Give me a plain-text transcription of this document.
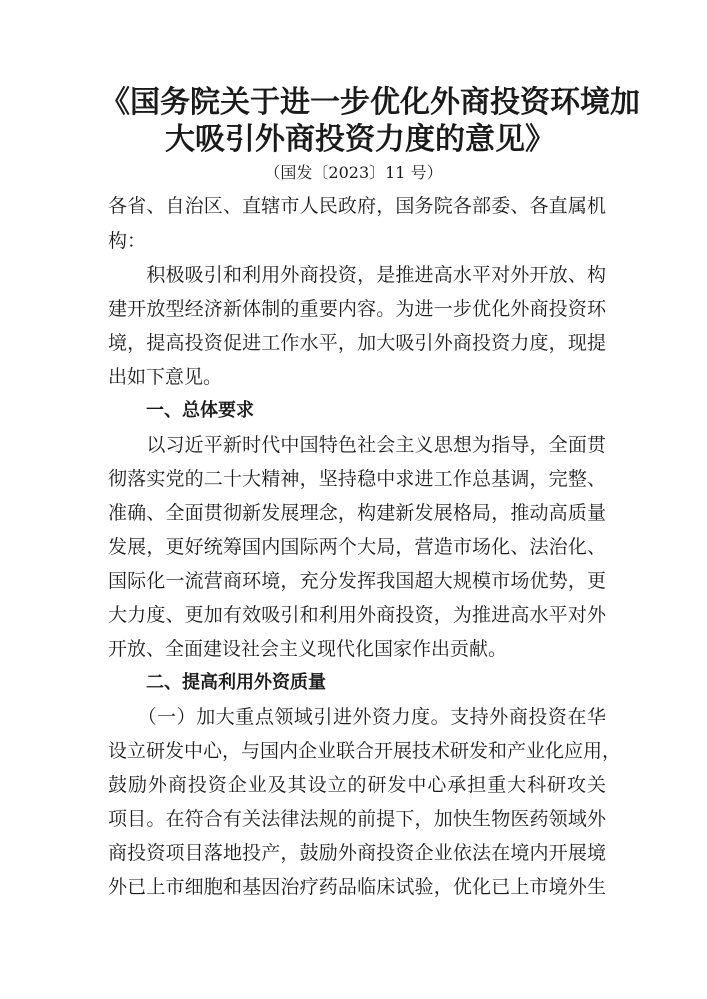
《国务院关于进一步优化外商投资环境加
大吸引外商投资力度的意见》
（国发〔2023〕11 号）
各省、自治区、直辖市人民政府，国务院各部委、各直属机
构：
　　积极吸引和利用外商投资，是推进高水平对外开放、构
建开放型经济新体制的重要内容。为进一步优化外商投资环
境，提高投资促进工作水平，加大吸引外商投资力度，现提
出如下意见。
一、总体要求
　　以习近平新时代中国特色社会主义思想为指导，全面贯
彻落实党的二十大精神，坚持稳中求进工作总基调，完整、
准确、全面贯彻新发展理念，构建新发展格局，推动高质量
发展，更好统筹国内国际两个大局，营造市场化、法治化、
国际化一流营商环境，充分发挥我国超大规模市场优势，更
大力度、更加有效吸引和利用外商投资，为推进高水平对外
开放、全面建设社会主义现代化国家作出贡献。
二、提高利用外资质量
　　（一）加大重点领域引进外资力度。支持外商投资在华
设立研发中心，与国内企业联合开展技术研发和产业化应用，
鼓励外商投资企业及其设立的研发中心承担重大科研攻关
项目。在符合有关法律法规的前提下，加快生物医药领域外
商投资项目落地投产，鼓励外商投资企业依法在境内开展境
外已上市细胞和基因治疗药品临床试验，优化已上市境外生
